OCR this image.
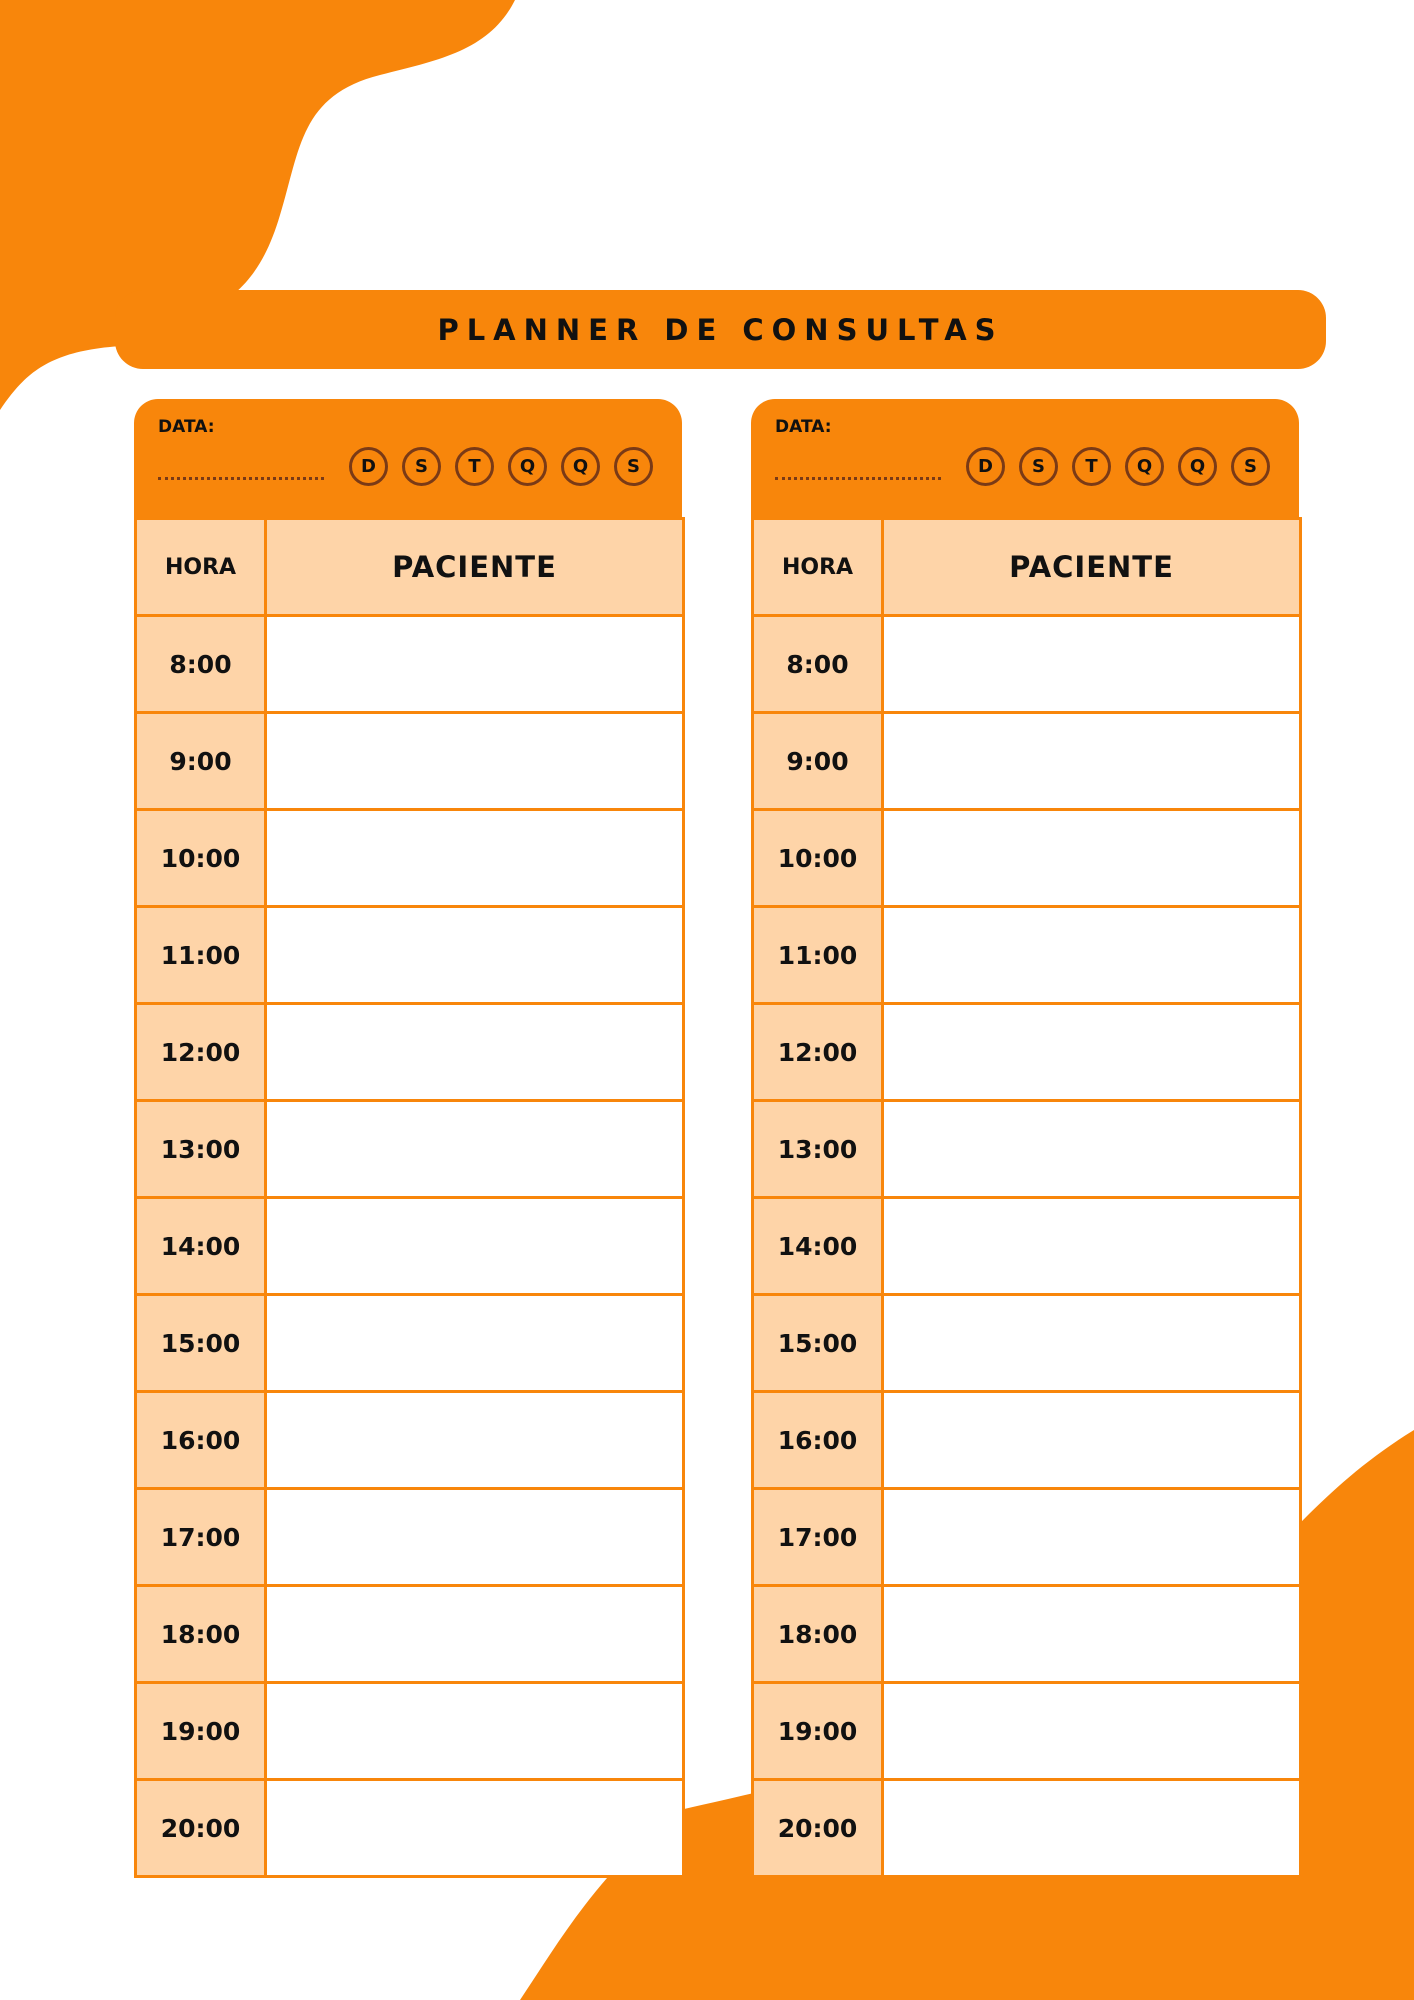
PLANNER DE CONSULTAS
DATA:
D	S	T	Q	Q	S
HORA	PACIENTE
8:00	
9:00	
10:00	
11:00	
12:00	
13:00	
14:00	
15:00	
16:00	
17:00	
18:00	
19:00	
20:00	
DATA:
D	S	T	Q	Q	S
HORA	PACIENTE
8:00	
9:00	
10:00	
11:00	
12:00	
13:00	
14:00	
15:00	
16:00	
17:00	
18:00	
19:00	
20:00	
